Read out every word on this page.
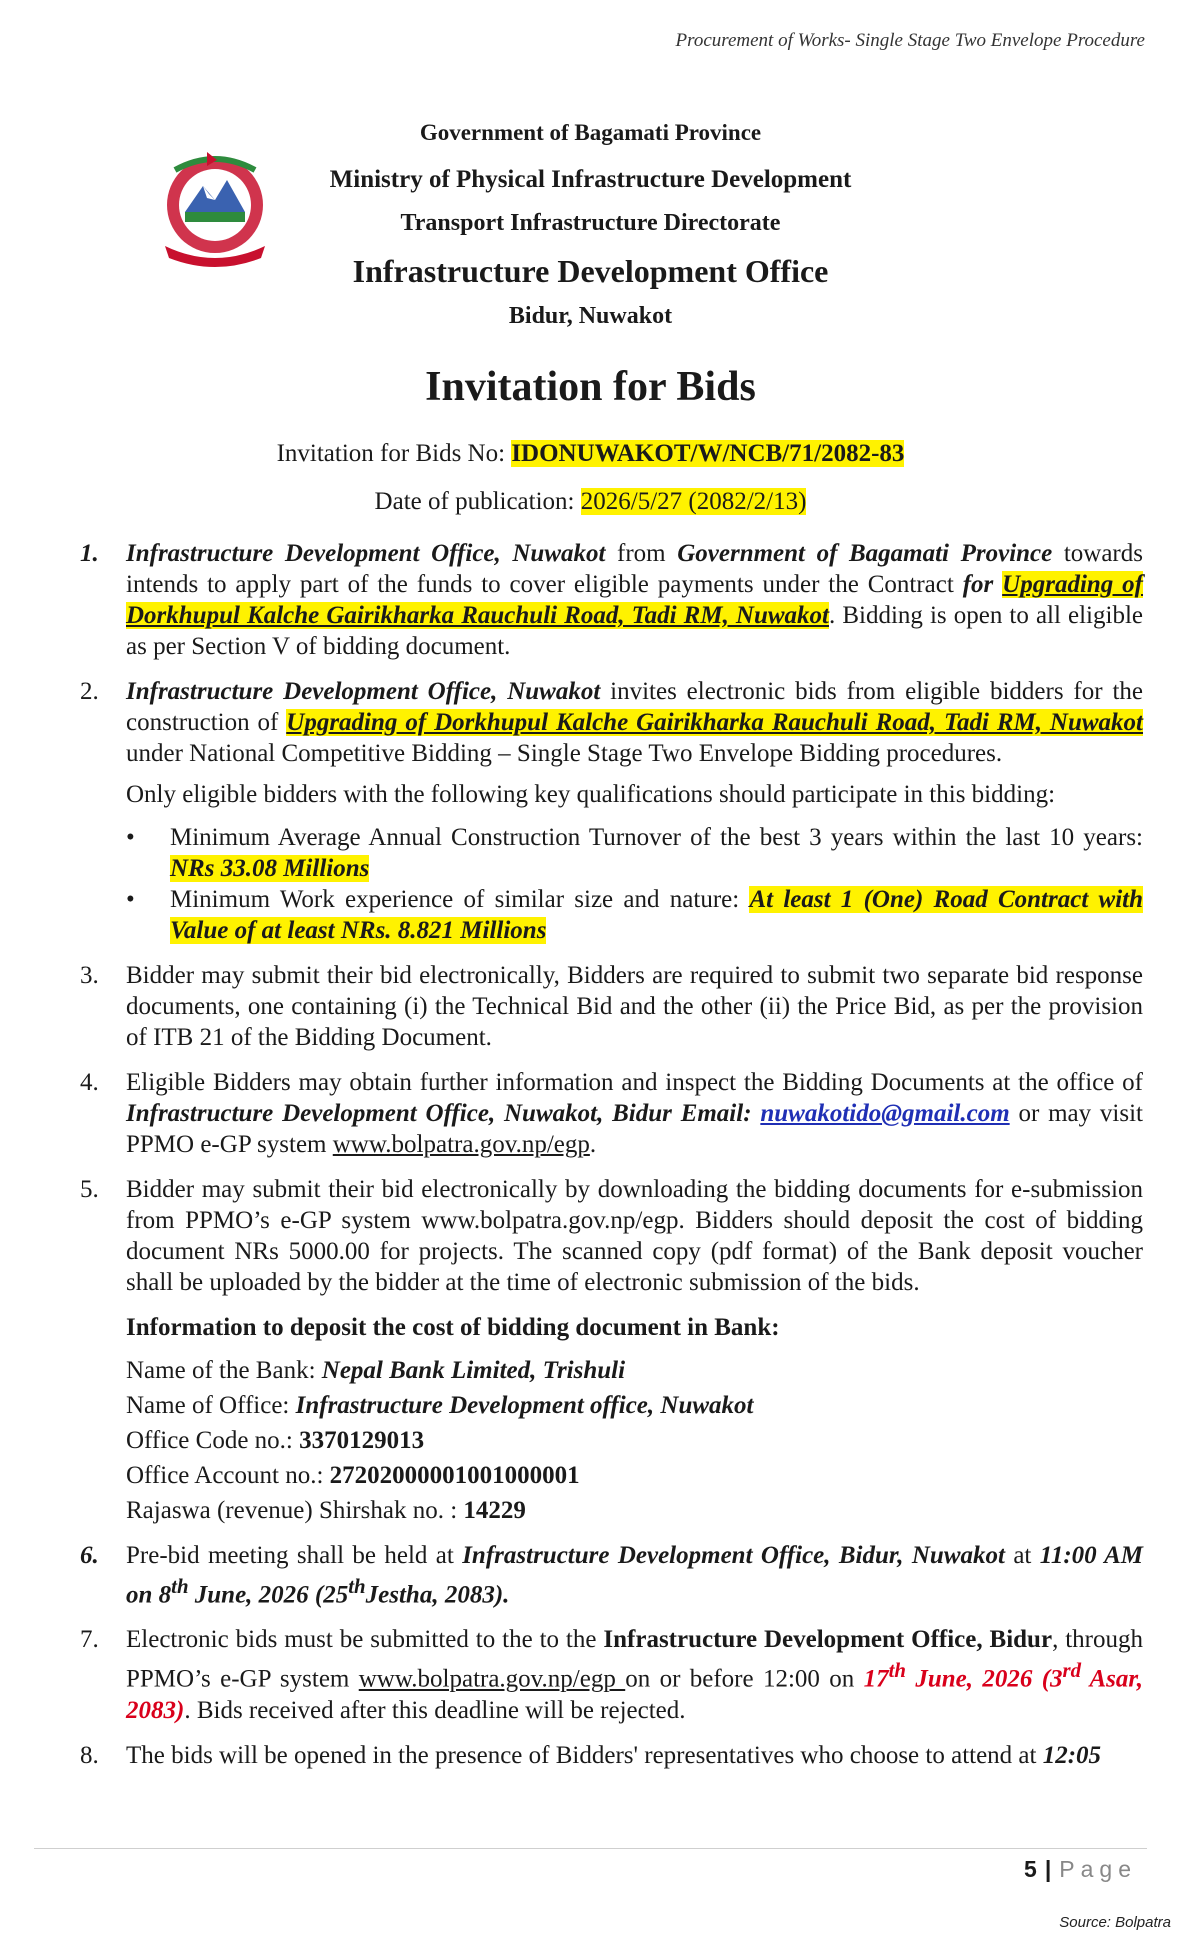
Procurement of Works- Single Stage Two Envelope Procedure
Government of Bagamati Province
Ministry of Physical Infrastructure Development
Transport Infrastructure Directorate
Infrastructure Development Office
Bidur, Nuwakot
Invitation for Bids
Invitation for Bids No: IDONUWAKOT/W/NCB/71/2082-83
Date of publication: 2026/5/27 (2082/2/13)
1. Infrastructure Development Office, Nuwakot from Government of Bagamati Province towards intends to apply part of the funds to cover eligible payments under the Contract for Upgrading of Dorkhupul Kalche Gairikharka Rauchuli Road, Tadi RM, Nuwakot. Bidding is open to all eligible as per Section V of bidding document.
2. Infrastructure Development Office, Nuwakot invites electronic bids from eligible bidders for the construction of Upgrading of Dorkhupul Kalche Gairikharka Rauchuli Road, Tadi RM, Nuwakot under National Competitive Bidding – Single Stage Two Envelope Bidding procedures.
Only eligible bidders with the following key qualifications should participate in this bidding:
• Minimum Average Annual Construction Turnover of the best 3 years within the last 10 years: NRs 33.08 Millions
• Minimum Work experience of similar size and nature: At least 1 (One) Road Contract with Value of at least NRs. 8.821 Millions
3. Bidder may submit their bid electronically, Bidders are required to submit two separate bid response documents, one containing (i) the Technical Bid and the other (ii) the Price Bid, as per the provision of ITB 21 of the Bidding Document.
4. Eligible Bidders may obtain further information and inspect the Bidding Documents at the office of Infrastructure Development Office, Nuwakot, Bidur Email: nuwakotido@gmail.com or may visit PPMO e-GP system www.bolpatra.gov.np/egp.
5. Bidder may submit their bid electronically by downloading the bidding documents for e-submission from PPMO’s e-GP system www.bolpatra.gov.np/egp. Bidders should deposit the cost of bidding document NRs 5000.00 for projects. The scanned copy (pdf format) of the Bank deposit voucher shall be uploaded by the bidder at the time of electronic submission of the bids.
Information to deposit the cost of bidding document in Bank:
Name of the Bank: Nepal Bank Limited, Trishuli
Name of Office: Infrastructure Development office, Nuwakot
Office Code no.: 3370129013
Office Account no.: 27202000001001000001
Rajaswa (revenue) Shirshak no. : 14229
6. Pre-bid meeting shall be held at Infrastructure Development Office, Bidur, Nuwakot at 11:00 AM on 8th June, 2026 (25thJestha, 2083).
7. Electronic bids must be submitted to the to the Infrastructure Development Office, Bidur, through PPMO’s e-GP system www.bolpatra.gov.np/egp on or before 12:00 on 17th June, 2026 (3rd Asar, 2083). Bids received after this deadline will be rejected.
8. The bids will be opened in the presence of Bidders' representatives who choose to attend at 12:05
5 | Page
Source: Bolpatra
